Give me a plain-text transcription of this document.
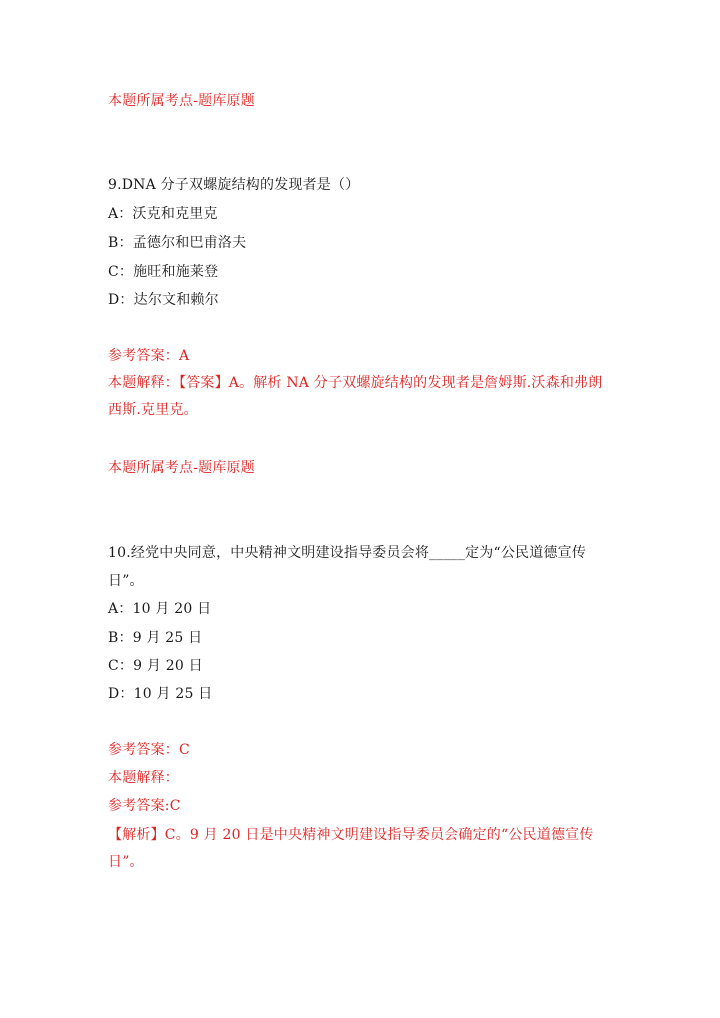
本题所属考点-题库原题
9.DNA 分子双螺旋结构的发现者是（）
A：沃克和克里克
B：孟德尔和巴甫洛夫
C：施旺和施莱登
D：达尔文和赖尔
参考答案：A
本题解释：【答案】A。解析 NA 分子双螺旋结构的发现者是詹姆斯.沃森和弗朗
西斯.克里克。
本题所属考点-题库原题
10.经党中央同意，中央精神文明建设指导委员会将_____定为“公民道德宣传
日”。
A：10 月 20 日
B：9 月 25 日
C：9 月 20 日
D：10 月 25 日
参考答案：C
本题解释：
参考答案:C
【解析】C。9 月 20 日是中央精神文明建设指导委员会确定的“公民道德宣传
日”。
